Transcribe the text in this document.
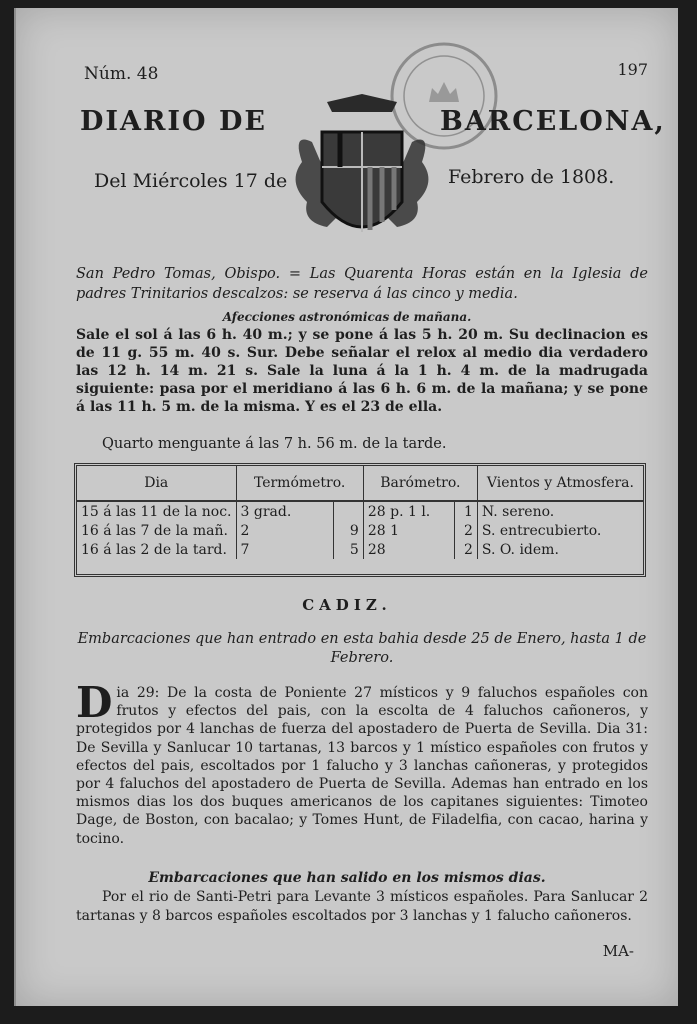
Núm. 48	197
DIARIO DE	BARCELONA,
Del Miércoles 17 de	Febrero de 1808.
San Pedro Tomas, Obispo. = Las Quarenta Horas están en la Iglesia de padres Trinitarios descalzos: se reserva á las cinco y media.
Afecciones astronómicas de mañana.

Sale el sol á las 6 h. 40 m.; y se pone á las 5 h. 20 m. Su declinacion es de 11 g. 55 m. 40 s. Sur. Debe señalar el relox al medio dia verdadero las 12 h. 14 m. 21 s. Sale la luna á la 1 h. 4 m. de la madrugada siguiente: pasa por el meridiano á las 6 h. 6 m. de la mañana; y se pone á las 11 h. 5 m. de la misma. Y es el 23 de ella.

Quarto menguante á las 7 h. 56 m. de la tarde.
Dia	Termómetro.		Barómetro.		Vientos y Atmosfera.
15 á las 11 de la noc.	3 grad.		28 p. 1 l.	1	N. sereno.
16 á las 7 de la mañ.	2	9	28 1	2	S. entrecubierto.
16 á las 2 de la tard.	7	5	28	2	S. O. idem.
CADIZ.
Embarcaciones que han entrado en esta bahia desde 25 de Enero, hasta 1 de Febrero.
Dia 29: De la costa de Poniente 27 místicos y 9 faluchos españoles con frutos y efectos del pais, con la escolta de 4 faluchos cañoneros, y protegidos por 4 lanchas de fuerza del apostadero de Puerta de Sevilla. Dia 31: De Sevilla y Sanlucar 10 tartanas, 13 barcos y 1 místico españoles con frutos y efectos del pais, escoltados por 1 falucho y 3 lanchas cañoneras, y protegidos por 4 faluchos del apostadero de Puerta de Sevilla. Ademas han entrado en los mismos dias los dos buques americanos de los capitanes siguientes: Timoteo Dage, de Boston, con bacalao; y Tomes Hunt, de Filadelfia, con cacao, harina y tocino.
Embarcaciones que han salido en los mismos dias.
Por el rio de Santi-Petri para Levante 3 místicos españoles. Para Sanlucar 2 tartanas y 8 barcos españoles escoltados por 3 lanchas y 1 falucho cañoneros.
MA-
